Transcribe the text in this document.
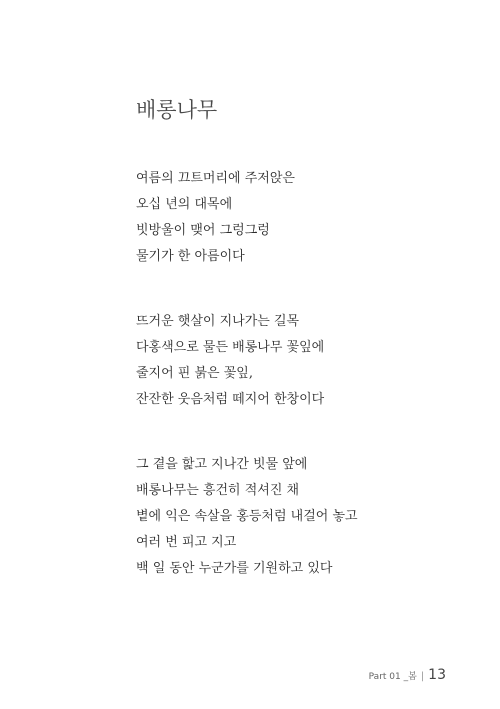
배롱나무
여름의 끄트머리에 주저앉은
오십 년의 대목에
빗방울이 맺어 그렁그렁
물기가 한 아름이다
뜨거운 햇살이 지나가는 길목
다홍색으로 물든 배롱나무 꽃잎에
줄지어 핀 붉은 꽃잎,
잔잔한 웃음처럼 떼지어 한창이다
그 곁을 핥고 지나간 빗물 앞에
배롱나무는 흥건히 적셔진 채
볕에 익은 속살을 홍등처럼 내걸어 놓고
여러 번 피고 지고
백 일 동안 누군가를 기원하고 있다
Part 01 _봄 | 13
